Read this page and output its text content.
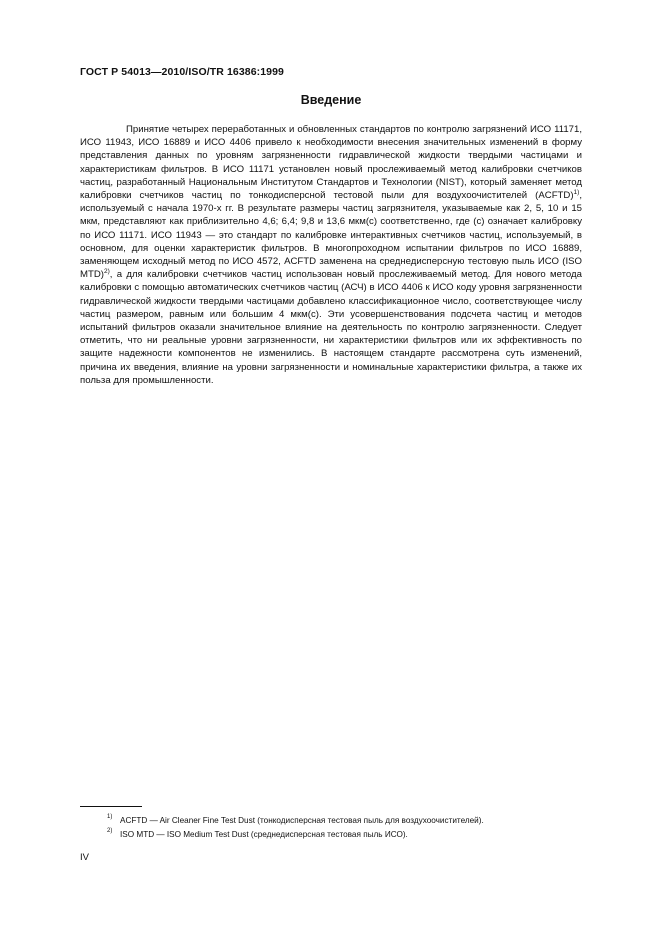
ГОСТ Р 54013—2010/ISO/TR 16386:1999
Введение

Принятие четырех переработанных и обновленных стандартов по контролю загрязнений ИСО 11171, ИСО 11943, ИСО 16889 и ИСО 4406 привело к необходимости внесения значительных изменений в форму представления данных по уровням загрязненности гидравлической жидкости твердыми частицами и характеристикам фильтров. В ИСО 11171 установлен новый прослеживаемый метод калибровки счетчиков частиц, разработанный Национальным Институтом Стандартов и Технологии (NIST), который заменяет метод калибровки счетчиков частиц по тонкодисперсной тестовой пыли для воздухоочистителей (ACFTD)$^{1)}$, используемый с начала 1970-х гг. В результате размеры частиц загрязнителя, указываемые как 2, 5, 10 и 15 мкм, представляют как приблизительно 4,6; 6,4; 9,8 и 13,6 мкм(c) соответственно, где (c) означает калибровку по ИСО 11171. ИСО 11943 — это стандарт по калибровке интерактивных счетчиков частиц, используемый, в основном, для оценки характеристик фильтров. В многопроходном испытании фильтров по ИСО 16889, заменяющем исходный метод по ИСО 4572, ACFTD заменена на среднедисперсную тестовую пыль ИСО (ISO MTD)$^{2)}$, а для калибровки счетчиков частиц использован новый прослеживаемый метод. Для нового метода калибровки с помощью автоматических счетчиков частиц (АСЧ) в ИСО 4406 к ИСО коду уровня загрязненности гидравлической жидкости твердыми частицами добавлено классификационное число, соответствующее числу частиц размером, равным или большим 4 мкм(c). Эти усовершенствования подсчета частиц и методов испытаний фильтров оказали значительное влияние на деятельность по контролю загрязненности. Следует отметить, что ни реальные уровни загрязненности, ни характеристики фильтров или их эффективность по защите надежности компонентов не изменились. В настоящем стандарте рассмотрена суть изменений, причина их введения, влияние на уровни загрязненности и номинальные характеристики фильтра, а также их польза для промышленности.

1) ACFTD — Air Cleaner Fine Test Dust (тонкодисперсная тестовая пыль для воздухоочистителей).
2) ISO MTD — ISO Medium Test Dust (среднедисперсная тестовая пыль ИСО).
IV
